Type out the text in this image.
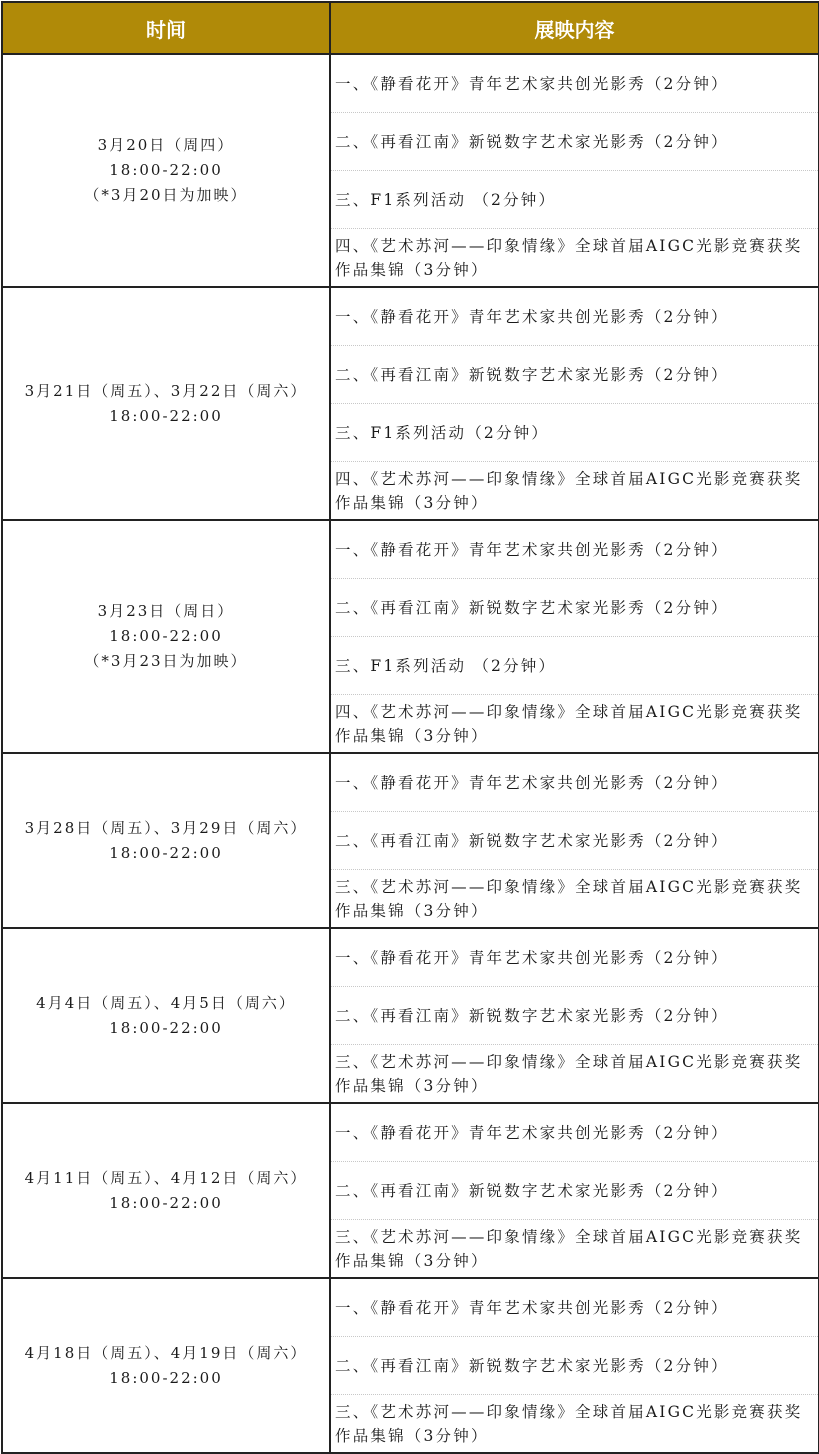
时间	展映内容

3月20日（周四）
18:00-22:00
（*3月20日为加映）	一、《静看花开》青年艺术家共创光影秀（2分钟）
	二、《再看江南》新锐数字艺术家光影秀（2分钟）
	三、F1系列活动 （2分钟）
	四、《艺术苏河——印象情缘》全球首届AIGC光影竞赛获奖作品集锦（3分钟）

3月21日（周五）、3月22日（周六）
18:00-22:00	一、《静看花开》青年艺术家共创光影秀（2分钟）
	二、《再看江南》新锐数字艺术家光影秀（2分钟）
	三、F1系列活动（2分钟）
	四、《艺术苏河——印象情缘》全球首届AIGC光影竞赛获奖作品集锦（3分钟）

3月23日（周日）
18:00-22:00
（*3月23日为加映）	一、《静看花开》青年艺术家共创光影秀（2分钟）
	二、《再看江南》新锐数字艺术家光影秀（2分钟）
	三、F1系列活动 （2分钟）
	四、《艺术苏河——印象情缘》全球首届AIGC光影竞赛获奖作品集锦（3分钟）

3月28日（周五）、3月29日（周六）
18:00-22:00	一、《静看花开》青年艺术家共创光影秀（2分钟）
	二、《再看江南》新锐数字艺术家光影秀（2分钟）
	三、《艺术苏河——印象情缘》全球首届AIGC光影竞赛获奖作品集锦（3分钟）

4月4日（周五）、4月5日（周六）
18:00-22:00	一、《静看花开》青年艺术家共创光影秀（2分钟）
	二、《再看江南》新锐数字艺术家光影秀（2分钟）
	三、《艺术苏河——印象情缘》全球首届AIGC光影竞赛获奖作品集锦（3分钟）

4月11日（周五）、4月12日（周六）
18:00-22:00	一、《静看花开》青年艺术家共创光影秀（2分钟）
	二、《再看江南》新锐数字艺术家光影秀（2分钟）
	三、《艺术苏河——印象情缘》全球首届AIGC光影竞赛获奖作品集锦（3分钟）

4月18日（周五）、4月19日（周六）
18:00-22:00	一、《静看花开》青年艺术家共创光影秀（2分钟）
	二、《再看江南》新锐数字艺术家光影秀（2分钟）
	三、《艺术苏河——印象情缘》全球首届AIGC光影竞赛获奖作品集锦（3分钟）
